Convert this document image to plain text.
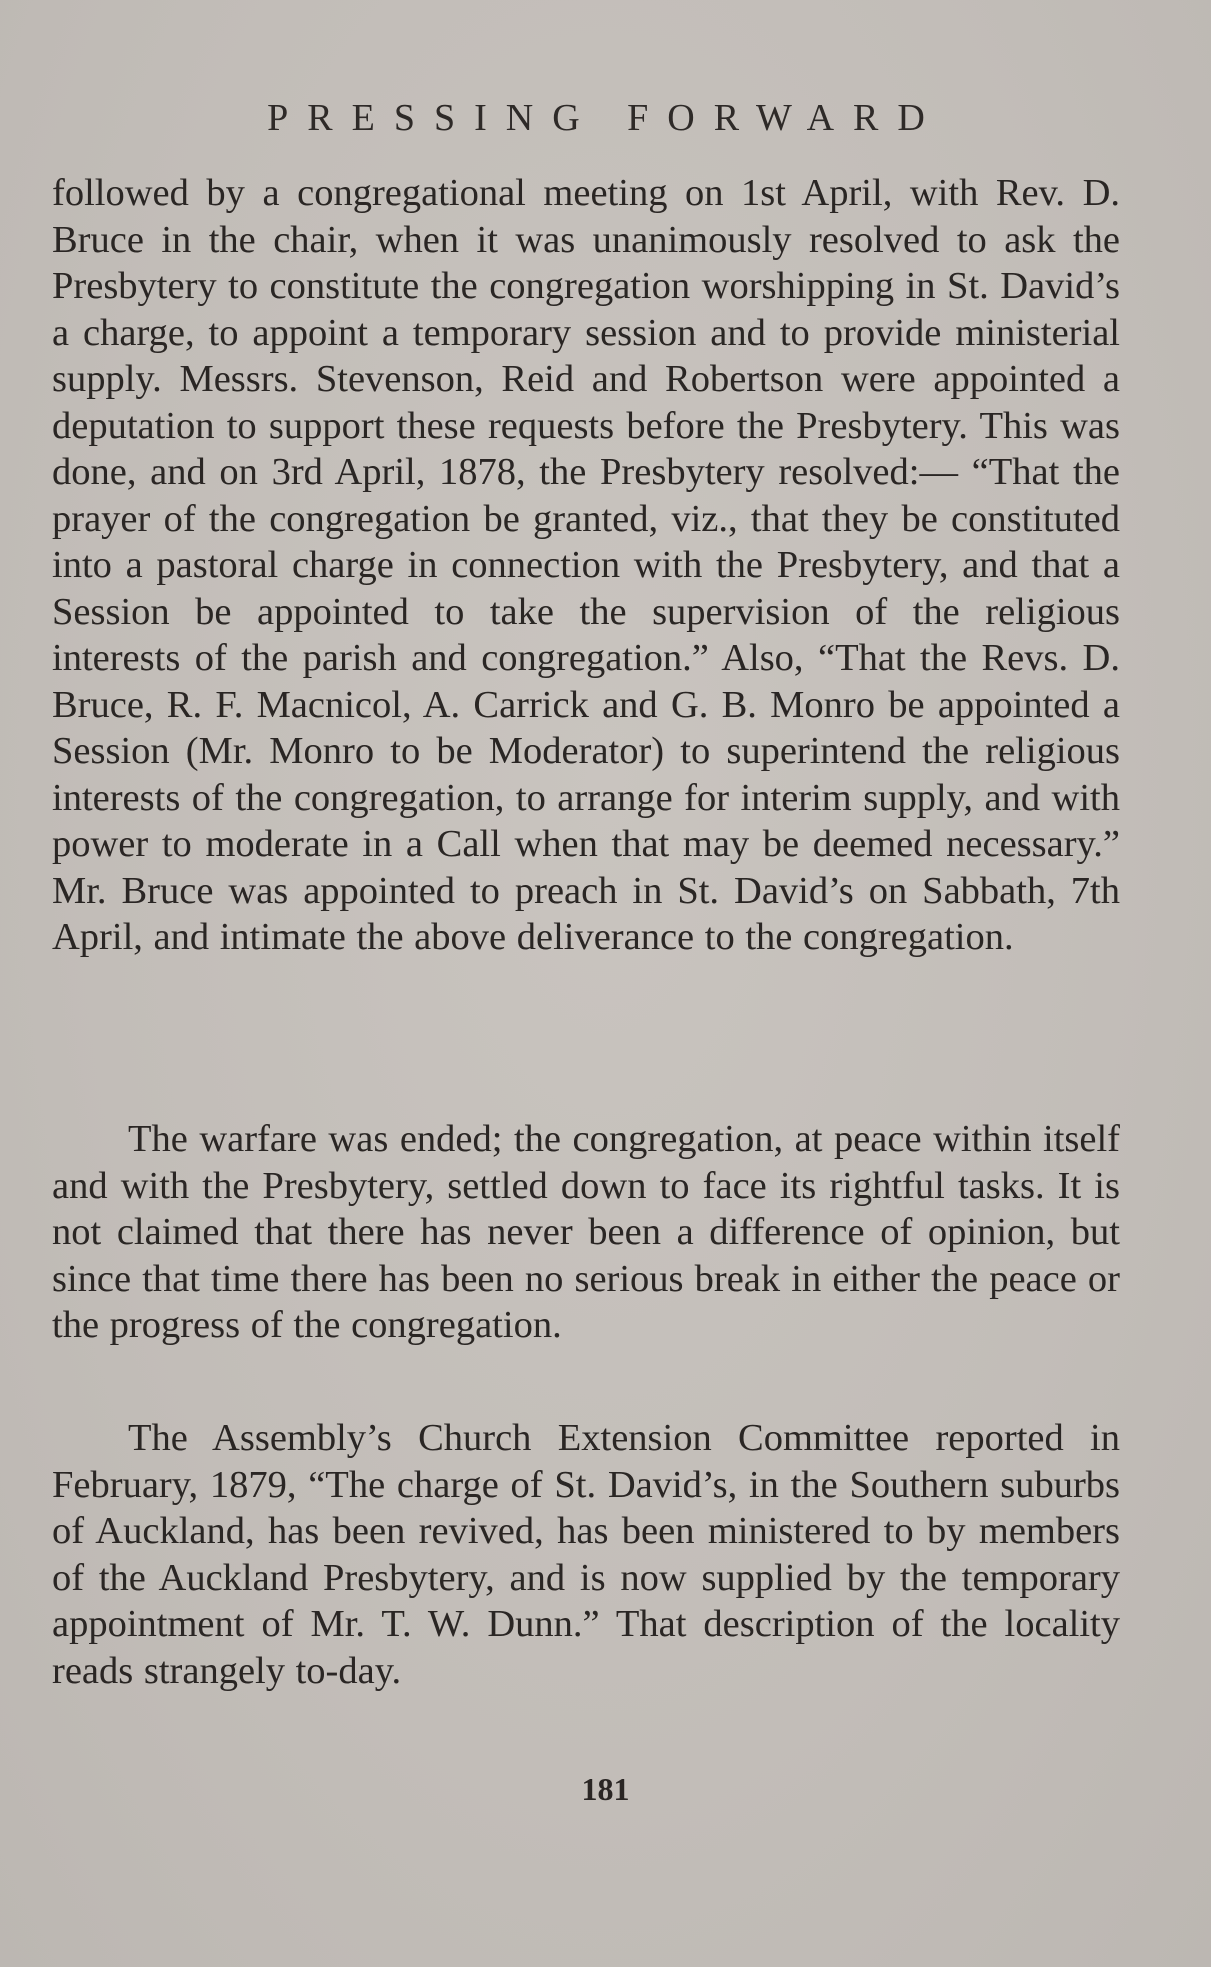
PRESSING FORWARD

followed by a congregational meeting on 1st April, with Rev. D. Bruce in the chair, when it was unanimously resolved to ask the Presbytery to constitute the congregation worshipping in St. David’s a charge, to appoint a temporary session and to provide ministerial supply. Messrs. Stevenson, Reid and Robertson were appointed a deputation to support these requests before the Presbytery. This was done, and on 3rd April, 1878, the Presbytery resolved:— “That the prayer of the congregation be granted, viz., that they be constituted into a pastoral charge in connection with the Presbytery, and that a Session be appointed to take the supervision of the religious interests of the parish and congregation.” Also, “That the Revs. D. Bruce, R. F. Macnicol, A. Carrick and G. B. Monro be appointed a Session (Mr. Monro to be Moderator) to superintend the religious interests of the congregation, to arrange for interim supply, and with power to moderate in a Call when that may be deemed necessary.” Mr. Bruce was appointed to preach in St. David’s on Sabbath, 7th April, and intimate the above deliverance to the congregation.

The warfare was ended; the congregation, at peace within itself and with the Presbytery, settled down to face its rightful tasks. It is not claimed that there has never been a difference of opinion, but since that time there has been no serious break in either the peace or the progress of the congregation.

The Assembly’s Church Extension Committee reported in February, 1879, “The charge of St. David’s, in the Southern suburbs of Auckland, has been revived, has been ministered to by members of the Auckland Presbytery, and is now supplied by the temporary appointment of Mr. T. W. Dunn.” That description of the locality reads strangely to-day.

181
